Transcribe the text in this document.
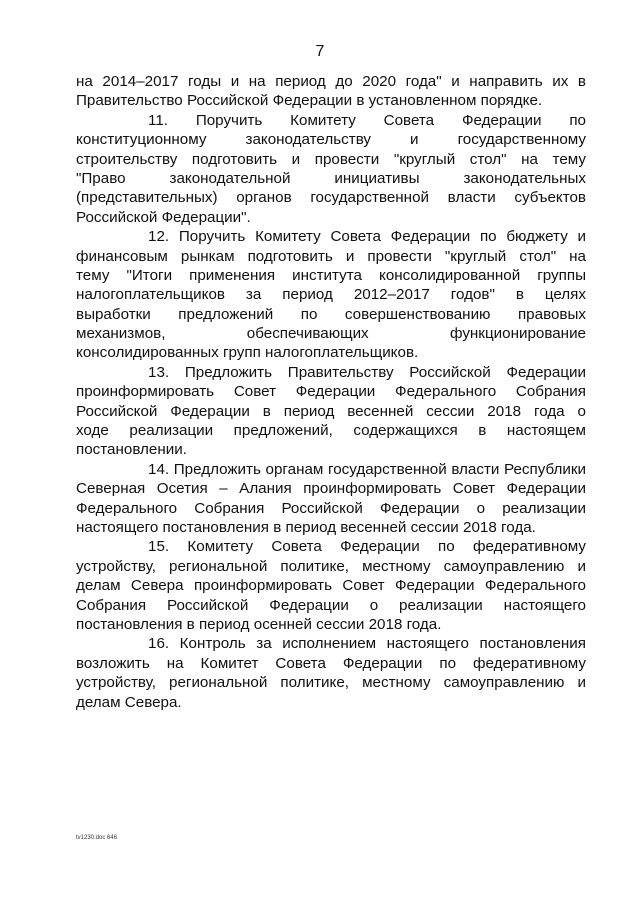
7
на 2014–2017 годы и на период до 2020 года" и направить их в
Правительство Российской Федерации в установленном порядке.
11. Поручить Комитету Совета Федерации по
конституционному законодательству и государственному
строительству подготовить и провести "круглый стол" на тему
"Право законодательной инициативы законодательных
(представительных) органов государственной власти субъектов
Российской Федерации".
12. Поручить Комитету Совета Федерации по бюджету и
финансовым рынкам подготовить и провести "круглый стол" на
тему "Итоги применения института консолидированной группы
налогоплательщиков за период 2012–2017 годов" в целях
выработки предложений по совершенствованию правовых
механизмов, обеспечивающих функционирование
консолидированных групп налогоплательщиков.
13. Предложить Правительству Российской Федерации
проинформировать Совет Федерации Федерального Собрания
Российской Федерации в период весенней сессии 2018 года о
ходе реализации предложений, содержащихся в настоящем
постановлении.
14. Предложить органам государственной власти Республики
Северная Осетия – Алания проинформировать Совет Федерации
Федерального Собрания Российской Федерации о реализации
настоящего постановления в период весенней сессии 2018 года.
15. Комитету Совета Федерации по федеративному
устройству, региональной политике, местному самоуправлению и
делам Севера проинформировать Совет Федерации Федерального
Собрания Российской Федерации о реализации настоящего
постановления в период осенней сессии 2018 года.
16. Контроль за исполнением настоящего постановления
возложить на Комитет Совета Федерации по федеративному
устройству, региональной политике, местному самоуправлению и
делам Севера.
tv1230.doc 646
